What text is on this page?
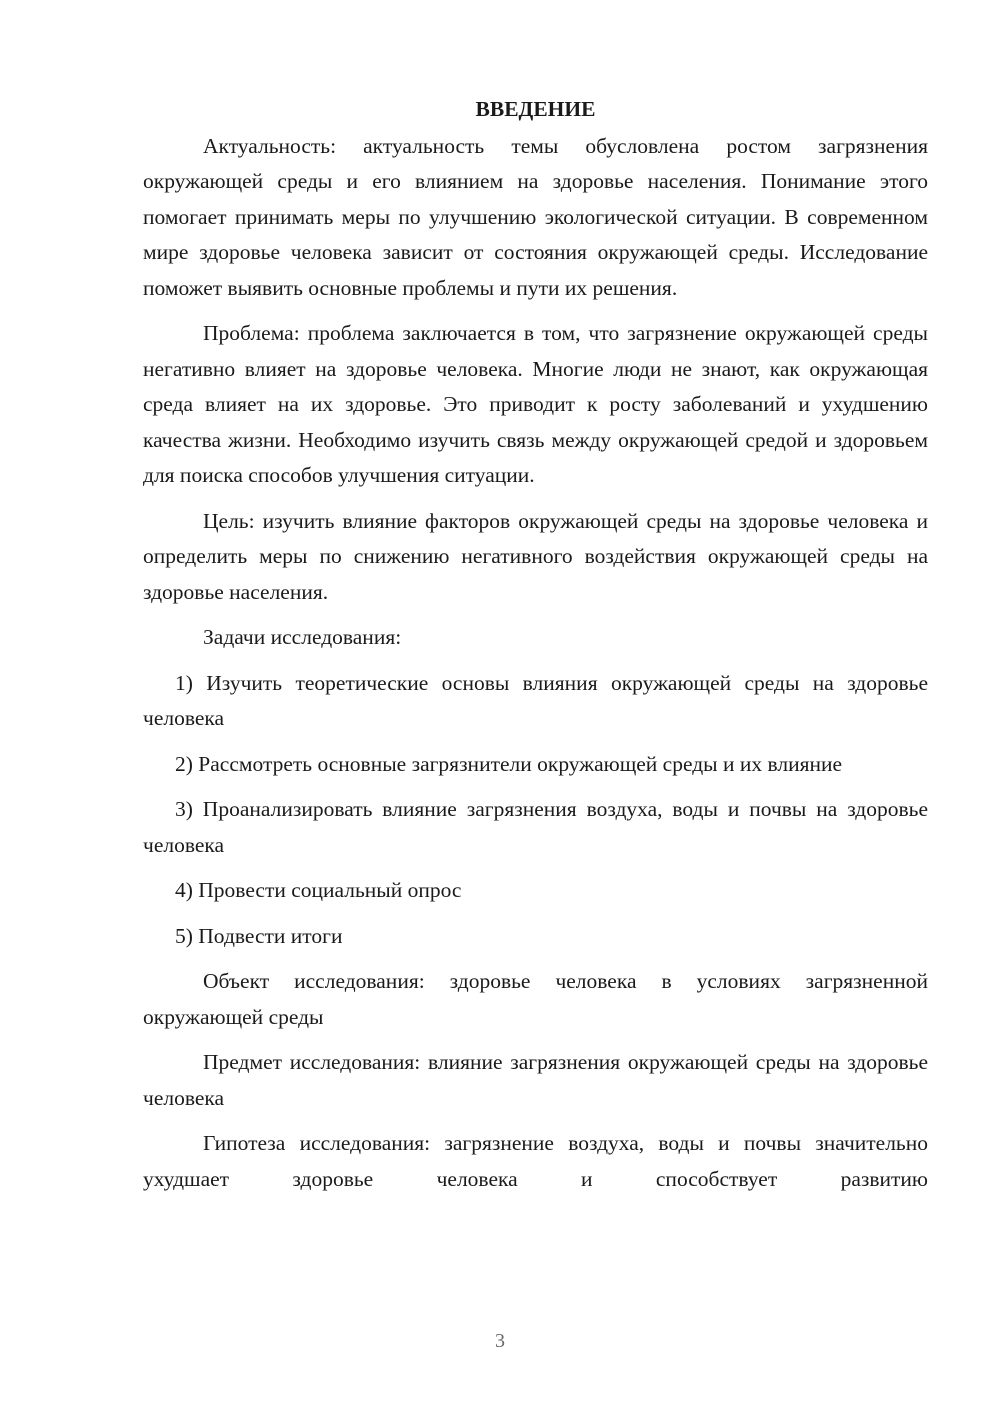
ВВЕДЕНИЕ

Актуальность: актуальность темы обусловлена ростом загрязнения окружающей среды и его влиянием на здоровье населения. Понимание этого помогает принимать меры по улучшению экологической ситуации. В современном мире здоровье человека зависит от состояния окружающей среды. Исследование поможет выявить основные проблемы и пути их решения.

Проблема: проблема заключается в том, что загрязнение окружающей среды негативно влияет на здоровье человека. Многие люди не знают, как окружающая среда влияет на их здоровье. Это приводит к росту заболеваний и ухудшению качества жизни. Необходимо изучить связь между окружающей средой и здоровьем для поиска способов улучшения ситуации.

Цель: изучить влияние факторов окружающей среды на здоровье человека и определить меры по снижению негативного воздействия окружающей среды на здоровье населения.

Задачи исследования:

1) Изучить теоретические основы влияния окружающей среды на здоровье человека

2) Рассмотреть основные загрязнители окружающей среды и их влияние

3) Проанализировать влияние загрязнения воздуха, воды и почвы на здоровье человека

4) Провести социальный опрос

5) Подвести итоги

Объект исследования: здоровье человека в условиях загрязненной окружающей среды

Предмет исследования: влияние загрязнения окружающей среды на здоровье человека

Гипотеза исследования: загрязнение воздуха, воды и почвы значительно ухудшает здоровье человека и способствует развитию

3
